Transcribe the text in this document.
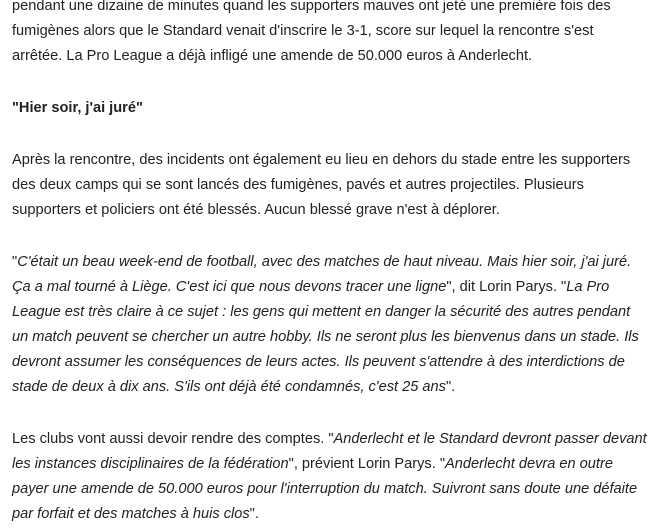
pendant une dizaine de minutes quand les supporters mauves ont jeté une première fois des fumigènes alors que le Standard venait d'inscrire le 3-1, score sur lequel la rencontre s'est arrêtée. La Pro League a déjà infligé une amende de 50.000 euros à Anderlecht.

"Hier soir, j'ai juré"

Après la rencontre, des incidents ont également eu lieu en dehors du stade entre les supporters des deux camps qui se sont lancés des fumigènes, pavés et autres projectiles. Plusieurs supporters et policiers ont été blessés. Aucun blessé grave n'est à déplorer.

"C'était un beau week-end de football, avec des matches de haut niveau. Mais hier soir, j'ai juré. Ça a mal tourné à Liège. C'est ici que nous devons tracer une ligne", dit Lorin Parys. "La Pro League est très claire à ce sujet : les gens qui mettent en danger la sécurité des autres pendant un match peuvent se chercher un autre hobby. Ils ne seront plus les bienvenus dans un stade. Ils devront assumer les conséquences de leurs actes. Ils peuvent s'attendre à des interdictions de stade de deux à dix ans. S'ils ont déjà été condamnés, c'est 25 ans".

Les clubs vont aussi devoir rendre des comptes. "Anderlecht et le Standard devront passer devant les instances disciplinaires de la fédération", prévient Lorin Parys. "Anderlecht devra en outre payer une amende de 50.000 euros pour l'interruption du match. Suivront sans doute une défaite par forfait et des matches à huis clos".
